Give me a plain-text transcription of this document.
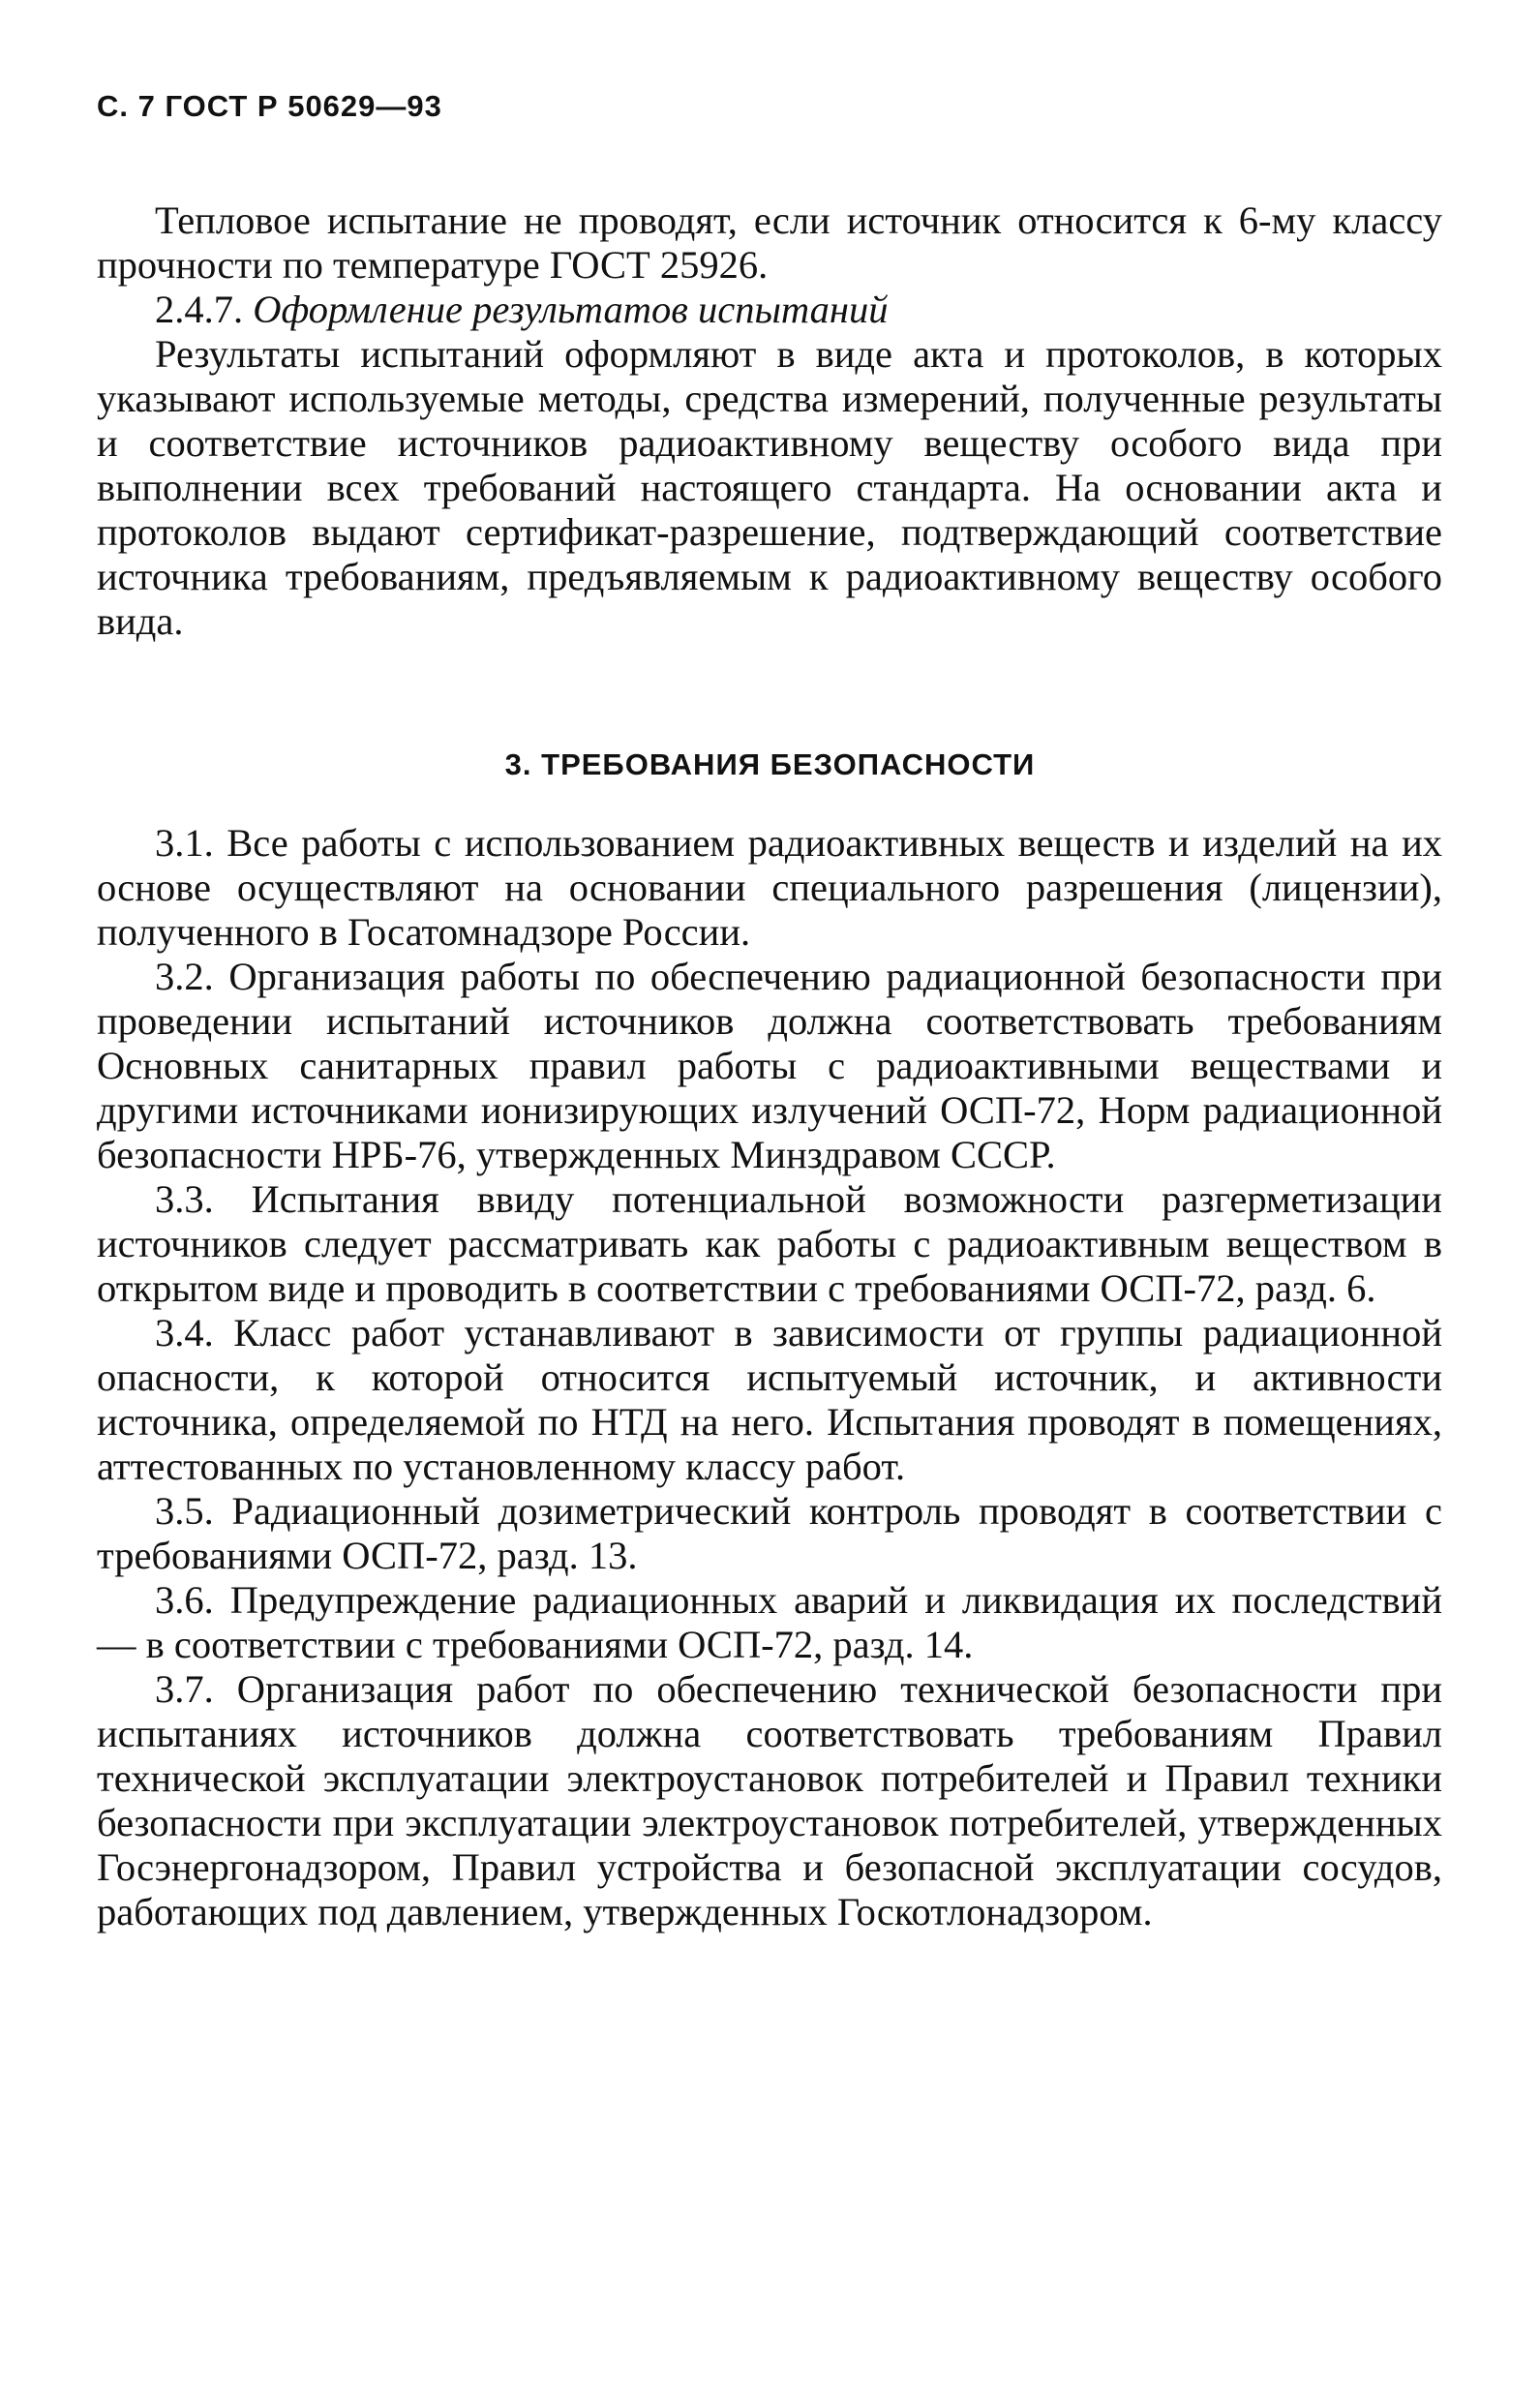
С. 7 ГОСТ Р 50629—93

Тепловое испытание не проводят, если источник относится к 6-му классу прочности по температуре ГОСТ 25926.

2.4.7. Оформление результатов испытаний

Результаты испытаний оформляют в виде акта и протоколов, в которых указывают используемые методы, средства измерений, полученные результаты и соответствие источников радиоактивному веществу особого вида при выполнении всех требований настоящего стандарта. На основании акта и протоколов выдают сертификат-разрешение, подтверждающий соответствие источника требованиям, предъявляемым к радиоактивному веществу особого вида.

3. ТРЕБОВАНИЯ БЕЗОПАСНОСТИ

3.1. Все работы с использованием радиоактивных веществ и изделий на их основе осуществляют на основании специального разрешения (лицензии), полученного в Госатомнадзоре России.

3.2. Организация работы по обеспечению радиационной безопасности при проведении испытаний источников должна соответствовать требованиям Основных санитарных правил работы с радиоактивными веществами и другими источниками ионизирующих излучений ОСП-72, Норм радиационной безопасности НРБ-76, утвержденных Минздравом СССР.

3.3. Испытания ввиду потенциальной возможности разгерметизации источников следует рассматривать как работы с радиоактивным веществом в открытом виде и проводить в соответствии с требованиями ОСП-72, разд. 6.

3.4. Класс работ устанавливают в зависимости от группы радиационной опасности, к которой относится испытуемый источник, и активности источника, определяемой по НТД на него. Испытания проводят в помещениях, аттестованных по установленному классу работ.

3.5. Радиационный дозиметрический контроль проводят в соответствии с требованиями ОСП-72, разд. 13.

3.6. Предупреждение радиационных аварий и ликвидация их последствий — в соответствии с требованиями ОСП-72, разд. 14.

3.7. Организация работ по обеспечению технической безопасности при испытаниях источников должна соответствовать требованиям Правил технической эксплуатации электроустановок потребителей и Правил техники безопасности при эксплуатации электроустановок потребителей, утвержденных Госэнергонадзором, Правил устройства и безопасной эксплуатации сосудов, работающих под давлением, утвержденных Госкотлонадзором.
